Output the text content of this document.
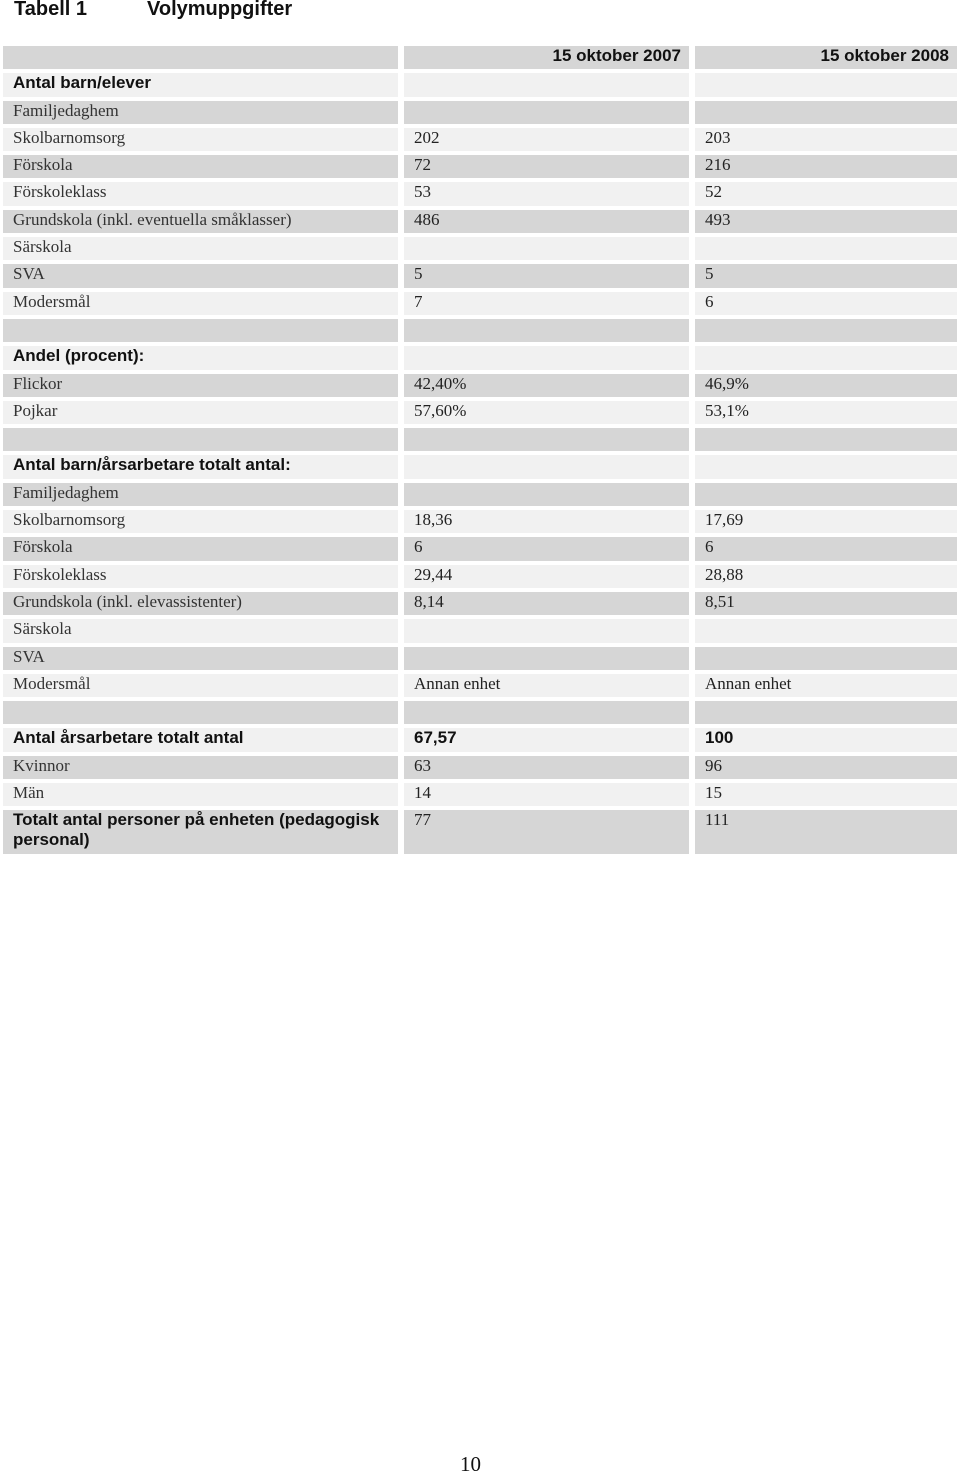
Tabell 1	Volymuppgifter
		15 oktober 2007		15 oktober 2008
Antal barn/elever				
Familjedaghem				
Skolbarnomsorg		202		203
Förskola		72		216
Förskoleklass		53		52
Grundskola (inkl. eventuella småklasser)		486		493
Särskola				
SVA		5		5
Modersmål		7		6

Andel (procent):				
Flickor		42,40%		46,9%
Pojkar		57,60%		53,1%

Antal barn/årsarbetare totalt antal:				
Familjedaghem				
Skolbarnomsorg		18,36		17,69
Förskola		6		6
Förskoleklass		29,44		28,88
Grundskola (inkl. elevassistenter)		8,14		8,51
Särskola				
SVA				
Modersmål		Annan enhet		Annan enhet

Antal årsarbetare totalt antal		67,57		100
Kvinnor		63		96
Män		14		15
Totalt antal personer på enheten (pedagogisk personal)		77		111
10
